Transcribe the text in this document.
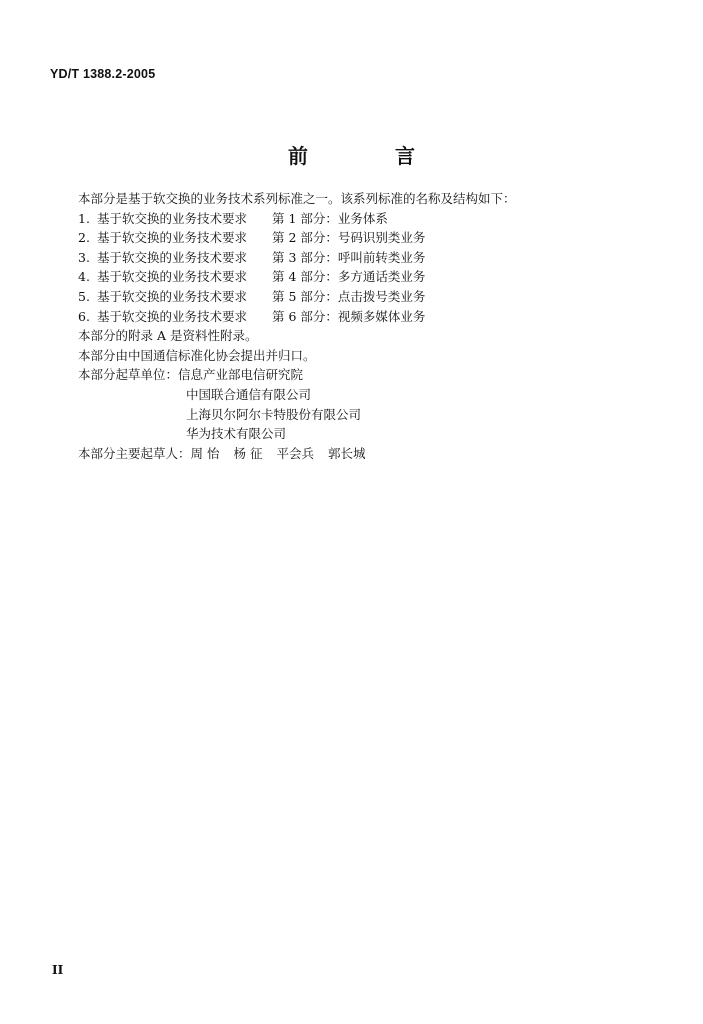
YD/T 1388.2-2005
前 言
本部分是基于软交换的业务技术系列标准之一。该系列标准的名称及结构如下：
1. 基于软交换的业务技术要求 第 1 部分：业务体系
2. 基于软交换的业务技术要求 第 2 部分：号码识别类业务
3. 基于软交换的业务技术要求 第 3 部分：呼叫前转类业务
4. 基于软交换的业务技术要求 第 4 部分：多方通话类业务
5. 基于软交换的业务技术要求 第 5 部分：点击拨号类业务
6. 基于软交换的业务技术要求 第 6 部分：视频多媒体业务
本部分的附录 A 是资料性附录。
本部分由中国通信标准化协会提出并归口。
本部分起草单位：信息产业部电信研究院
中国联合通信有限公司
上海贝尔阿尔卡特股份有限公司
华为技术有限公司
本部分主要起草人：周 怡 杨 征 平会兵 郭长城
II
